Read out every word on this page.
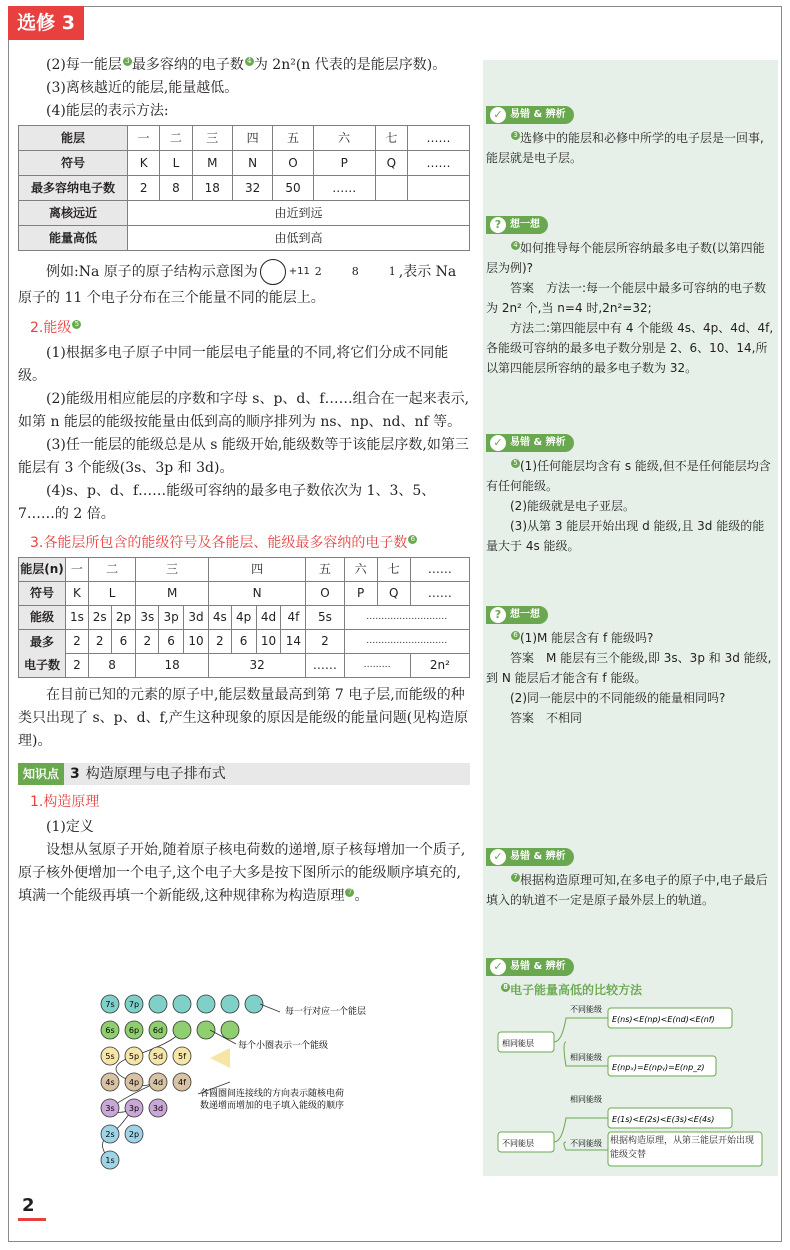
选修 3

(2)每一能层 $^3$ 最多容纳的电子数 $^4$ 为 2n²(n 代表的是能层序数)。

(3)离核越近的能层,能量越低。

(4)能层的表示方法:

能层	一	二	三	四	五	六	七	……
符号	K	L	M	N	O	P	Q	……
最多容纳电子数	2	8	18	32	50	……		
离核远近	由近到远							
能量高低	由低到高							

例如:Na 原子的原子结构示意图为	+11 2	8	1 ,表示 Na 原子的 11 个电子分布在三个能量不同的能层上。

2.能级 $^5$

(1)根据多电子原子中同一能层电子能量的不同,将它们分成不同能级。

(2)能级用相应能层的序数和字母 s、p、d、f……组合在一起来表示,如第 n 能层的能级按能量由低到高的顺序排列为 ns、np、nd、nf 等。

(3)任一能层的能级总是从 s 能级开始,能级数等于该能层序数,如第三能层有 3 个能级(3s、3p 和 3d)。

(4)s、p、d、f……能级可容纳的最多电子数依次为 1、3、5、7……的 2 倍。

3.各能层所包含的能级符号及各能层、能级最多容纳的电子数 $^6$
能层(n)	一	二		三			四				五	六	七	……
符号	K	L		M			N				O	P	Q	……
能级	1s	2s	2p	3s	3p	3d	4s	4p	4d	4f	5s	………………………		
最多
电子数	2	2	6	2	6	10	2	6	10	14	2	………………………		
	2	8		18			32				……	………		2n²

在目前已知的元素的原子中,能层数量最高到第 7 电子层,而能级的种类只出现了 s、p、d、f,产生这种现象的原因是能级的能量问题(见构造原理)。

知识点 3 构造原理与电子排布式
1.构造原理

(1)定义

设想从氢原子开始,随着原子核电荷数的递增,原子核每增加一个质子,原子核外便增加一个电子,这个电子大多是按下图所示的能级顺序填充的,填满一个能级再填一个新能级,这种规律称为构造原理 $^7$ 。

1s
2s 2p
3s 3p 3d
4s 4p 4d 4f
5s 5p 5d 5f
6s 6p 6d
7s 7p
每一行对应一个能层
每个小圈表示一个能级
各圆圈间连接线的方向表示随核电荷
数递增而增加的电子填入能级的顺序
✓ 易错 & 辨析
$^3$ 选修中的能层和必修中所学的电子层是一回事,能层就是电子层。
? 想一想
$^4$ 如何推导每个能层所容纳最多电子数(以第四能层为例)?
答案　方法一:每一个能层中最多可容纳的电子数为 2n² 个,当 n=4 时,2n²=32;
方法二:第四能层中有 4 个能级 4s、4p、4d、4f,各能级可容纳的最多电子数分别是 2、6、10、14,所以第四能层所容纳的最多电子数为 32。
✓ 易错 & 辨析
$^5$ (1)任何能层均含有 s 能级,但不是任何能层均含有任何能级。
(2)能级就是电子亚层。
(3)从第 3 能层开始出现 d 能级,且 3d 能级的能量大于 4s 能级。
? 想一想
$^6$ (1)M 能层含有 f 能级吗?
答案　M 能层有三个能级,即 3s、3p 和 3d 能级,到 N 能层后才能含有 f 能级。
(2)同一能层中的不同能级的能量相同吗?
答案　不相同
✓ 易错 & 辨析
$^7$ 根据构造原理可知,在多电子的原子中,电子最后填入的轨道不一定是原子最外层上的轨道。
✓ 易错 & 辨析
$^8$ 电子能量高低的比较方法
相同能层
不同能层
不同能级
E(ns)<E(np)<E(nd)<E(nf)
相同能级
E(npₓ)=E(npᵧ)=E(np_z)
相同能级
E(1s)<E(2s)<E(3s)<E(4s)
不同能级 根据构造原理，从第三能层开始出现能级交替
2
